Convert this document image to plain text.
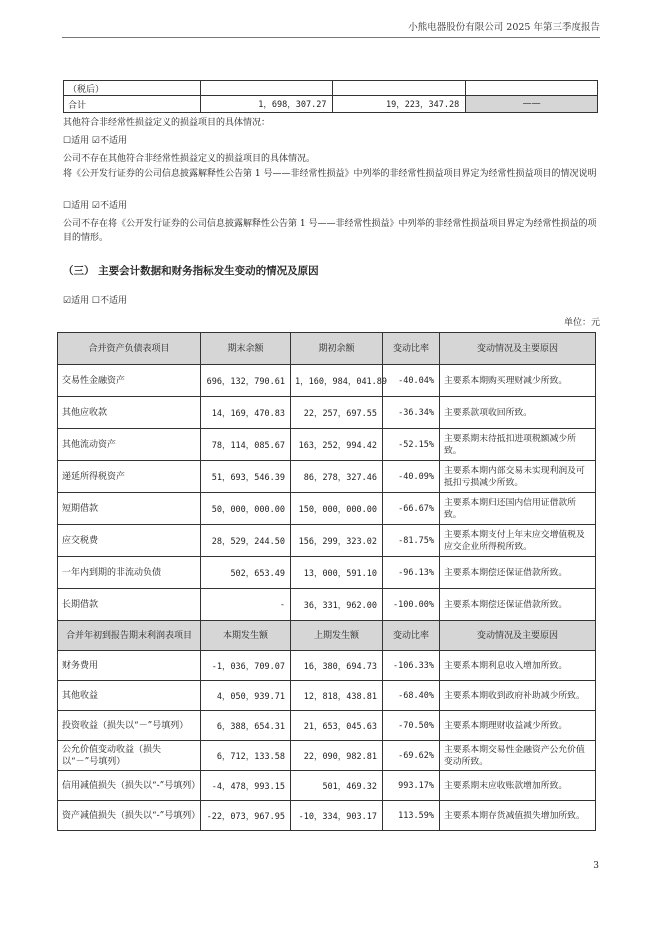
小熊电器股份有限公司 2025 年第三季度报告
（税后）			
合计	1，698，307.27	19，223，347.28	——
其他符合非经常性损益定义的损益项目的具体情况：
☐适用 ☑不适用
公司不存在其他符合非经常性损益定义的损益项目的具体情况。
将《公开发行证券的公司信息披露解释性公告第 1 号——非经常性损益》中列举的非经常性损益项目界定为经常性损益项目的情况说明
☐适用 ☑不适用
公司不存在将《公开发行证券的公司信息披露解释性公告第 1 号——非经常性损益》中列举的非经常性损益项目界定为经常性损益的项目的情形。
（三） 主要会计数据和财务指标发生变动的情况及原因
☑适用 ☐不适用
单位：元
合并资产负债表项目	期末余额	期初余额	变动比率	变动情况及主要原因
交易性金融资产	696，132，790.61	1，160，984，041.89	-40.04%	主要系本期购买理财减少所致。
其他应收款	14，169，470.83	22，257，697.55	-36.34%	主要系款项收回所致。
其他流动资产	78，114，085.67	163，252，994.42	-52.15%	主要系期末待抵扣进项税额减少所致。
递延所得税资产	51，693，546.39	86，278，327.46	-40.09%	主要系本期内部交易未实现利润及可抵扣亏损减少所致。
短期借款	50，000，000.00	150，000，000.00	-66.67%	主要系本期归还国内信用证借款所致。
应交税费	28，529，244.50	156，299，323.02	-81.75%	主要系本期支付上年末应交增值税及应交企业所得税所致。
一年内到期的非流动负债	502，653.49	13，000，591.10	-96.13%	主要系本期偿还保证借款所致。
长期借款	-	36，331，962.00	-100.00%	主要系本期偿还保证借款所致。
合并年初到报告期末利润表项目	本期发生额	上期发生额	变动比率	变动情况及主要原因
财务费用	-1，036，709.07	16，380，694.73	-106.33%	主要系本期利息收入增加所致。
其他收益	4，050，939.71	12，818，438.81	-68.40%	主要系本期收到政府补助减少所致。
投资收益（损失以“－”号填列）	6，388，654.31	21，653，045.63	-70.50%	主要系本期理财收益减少所致。
公允价值变动收益（损失以“－”号填列）	6，712，133.58	22，090，982.81	-69.62%	主要系本期交易性金融资产公允价值变动所致。
信用减值损失（损失以“-”号填列）	-4，478，993.15	501，469.32	993.17%	主要系期末应收账款增加所致。
资产减值损失（损失以“-”号填列）	-22，073，967.95	-10，334，903.17	113.59%	主要系本期存货减值损失增加所致。
3
